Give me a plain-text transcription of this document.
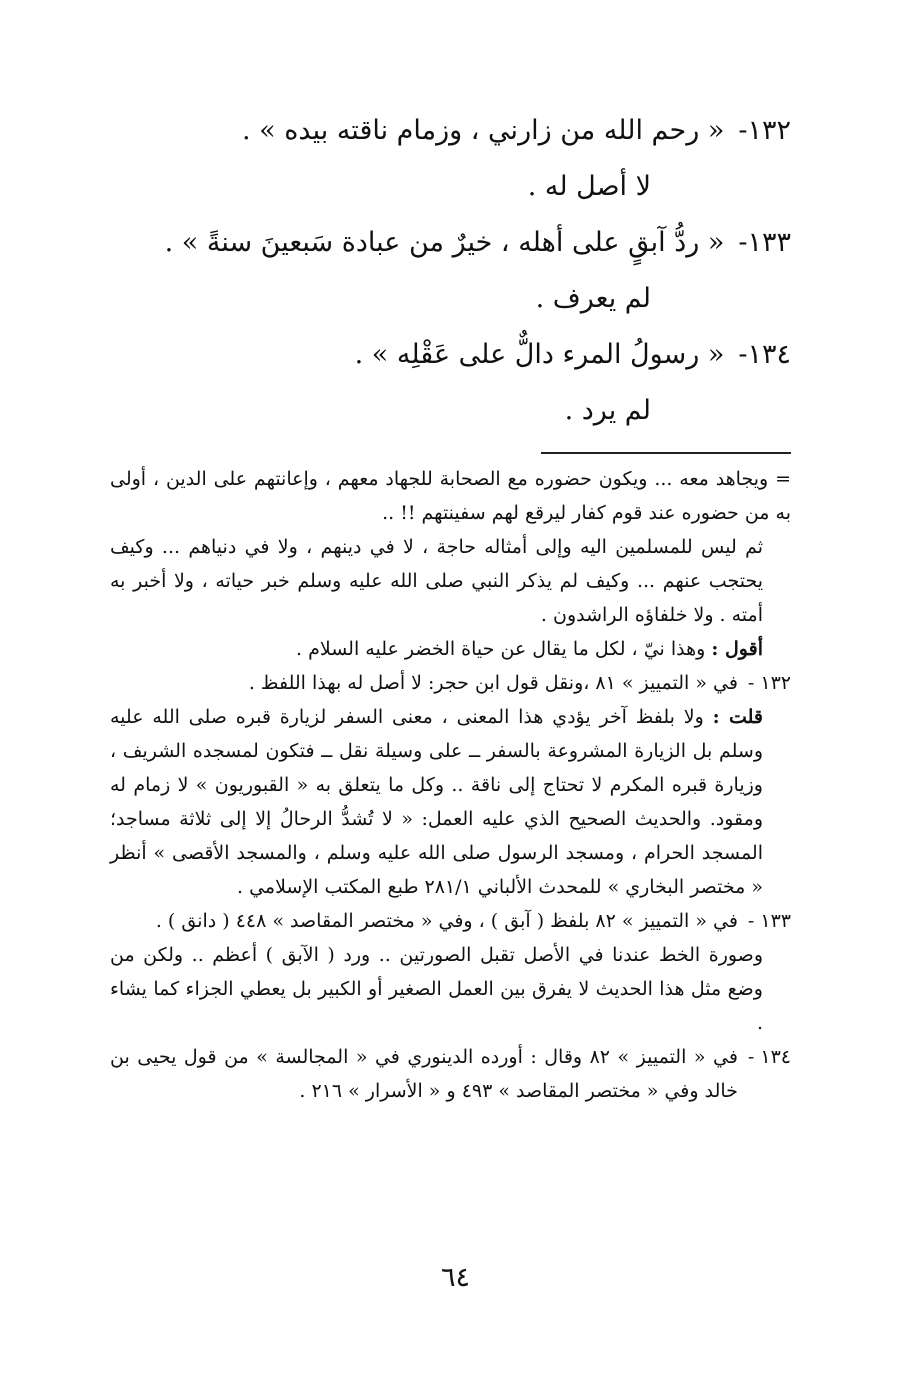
١٣٢-
« رحم الله من زارني ، وزمام ناقته بيده » .
لا أصل له .
١٣٣-
« ردُّ آبقٍ على أهله ، خيرٌ من عبادة سَبعينَ سنةً » .
لم يعرف .
١٣٤-
« رسولُ المرء دالٌّ على عَقْلِه » .
لم يرد .

= ويجاهد معه ... ويكون حضوره مع الصحابة للجهاد معهم ، وإعانتهم على الدين ، أولى به من حضوره عند قوم كفار ليرقع لهم سفينتهم !! ..

ثم ليس للمسلمين اليه وإلى أمثاله حاجة ، لا في دينهم ، ولا في دنياهم ... وكيف يحتجب عنهم ... وكيف لم يذكر النبي صلى الله عليه وسلم خبر حياته ، ولا أخبر به أمته . ولا خلفاؤه الراشدون .

أقول : وهذا نيّ ، لكل ما يقال عن حياة الخضر عليه السلام .

١٣٢ -
في « التمييز » ٨١ ،ونقل قول ابن حجر: لا أصل له بهذا اللفظ .

قلت : ولا بلفظ آخر يؤدي هذا المعنى ، معنى السفر لزيارة قبره صلى الله عليه وسلم بل الزيارة المشروعة بالسفر ــ على وسيلة نقل ــ فتكون لمسجده الشريف ، وزيارة قبره المكرم لا تحتاج إلى ناقة .. وكل ما يتعلق به « القبوريون » لا زمام له ومقود. والحديث الصحيح الذي عليه العمل: « لا تُشدُّ الرحالُ إلا إلى ثلاثة مساجد؛ المسجد الحرام ، ومسجد الرسول صلى الله عليه وسلم ، والمسجد الأقصى » أنظر « مختصر البخاري » للمحدث الألباني ٢٨١/١ طبع المكتب الإسلامي .

١٣٣ -
في « التمييز » ٨٢ بلفظ ( آبق ) ، وفي « مختصر المقاصد » ٤٤٨ ( دانق ) .

وصورة الخط عندنا في الأصل تقبل الصورتين .. ورد ( الآبق ) أعظم .. ولكن من وضع مثل هذا الحديث لا يفرق بين العمل الصغير أو الكبير بل يعطي الجزاء كما يشاء .

١٣٤ -
في « التمييز » ٨٢ وقال : أورده الدينوري في « المجالسة » من قول يحيى بن خالد وفي « مختصر المقاصد » ٤٩٣ و « الأسرار » ٢١٦ .
٦٤
